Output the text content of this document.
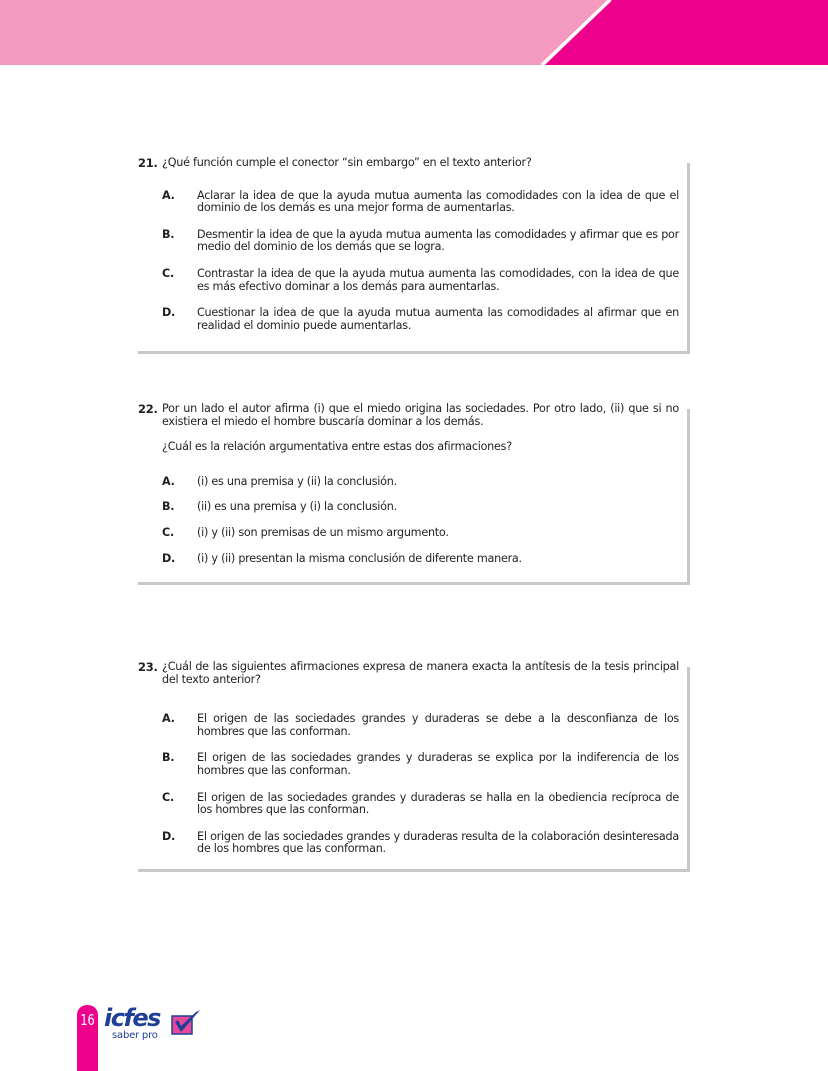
21. ¿Qué función cumple el conector “sin embargo” en el texto anterior?
A.	Aclarar la idea de que la ayuda mutua aumenta las comodidades con la idea de que el dominio de los demás es una mejor forma de aumentarlas.
B.	Desmentir la idea de que la ayuda mutua aumenta las comodidades y afirmar que es por medio del dominio de los demás que se logra.
C.	Contrastar la idea de que la ayuda mutua aumenta las comodidades, con la idea de que es más efectivo dominar a los demás para aumentarlas.
D.	Cuestionar la idea de que la ayuda mutua aumenta las comodidades al afirmar que en realidad el dominio puede aumentarlas.
22. Por un lado el autor afirma (i) que el miedo origina las sociedades. Por otro lado, (ii) que si no existiera el miedo el hombre buscaría dominar a los demás.
¿Cuál es la relación argumentativa entre estas dos afirmaciones?
A.	(i) es una premisa y (ii) la conclusión.
B.	(ii) es una premisa y (i) la conclusión.
C.	(i) y (ii) son premisas de un mismo argumento.
D.	(i) y (ii) presentan la misma conclusión de diferente manera.
23. ¿Cuál de las siguientes afirmaciones expresa de manera exacta la antítesis de la tesis principal del texto anterior?
A.	El origen de las sociedades grandes y duraderas se debe a la desconfianza de los hombres que las conforman.
B.	El origen de las sociedades grandes y duraderas se explica por la indiferencia de los hombres que las conforman.
C.	El origen de las sociedades grandes y duraderas se halla en la obediencia recíproca de los hombres que las conforman.
D.	El origen de las sociedades grandes y duraderas resulta de la colaboración desinteresada de los hombres que las conforman.
16 icfes
saber pro
